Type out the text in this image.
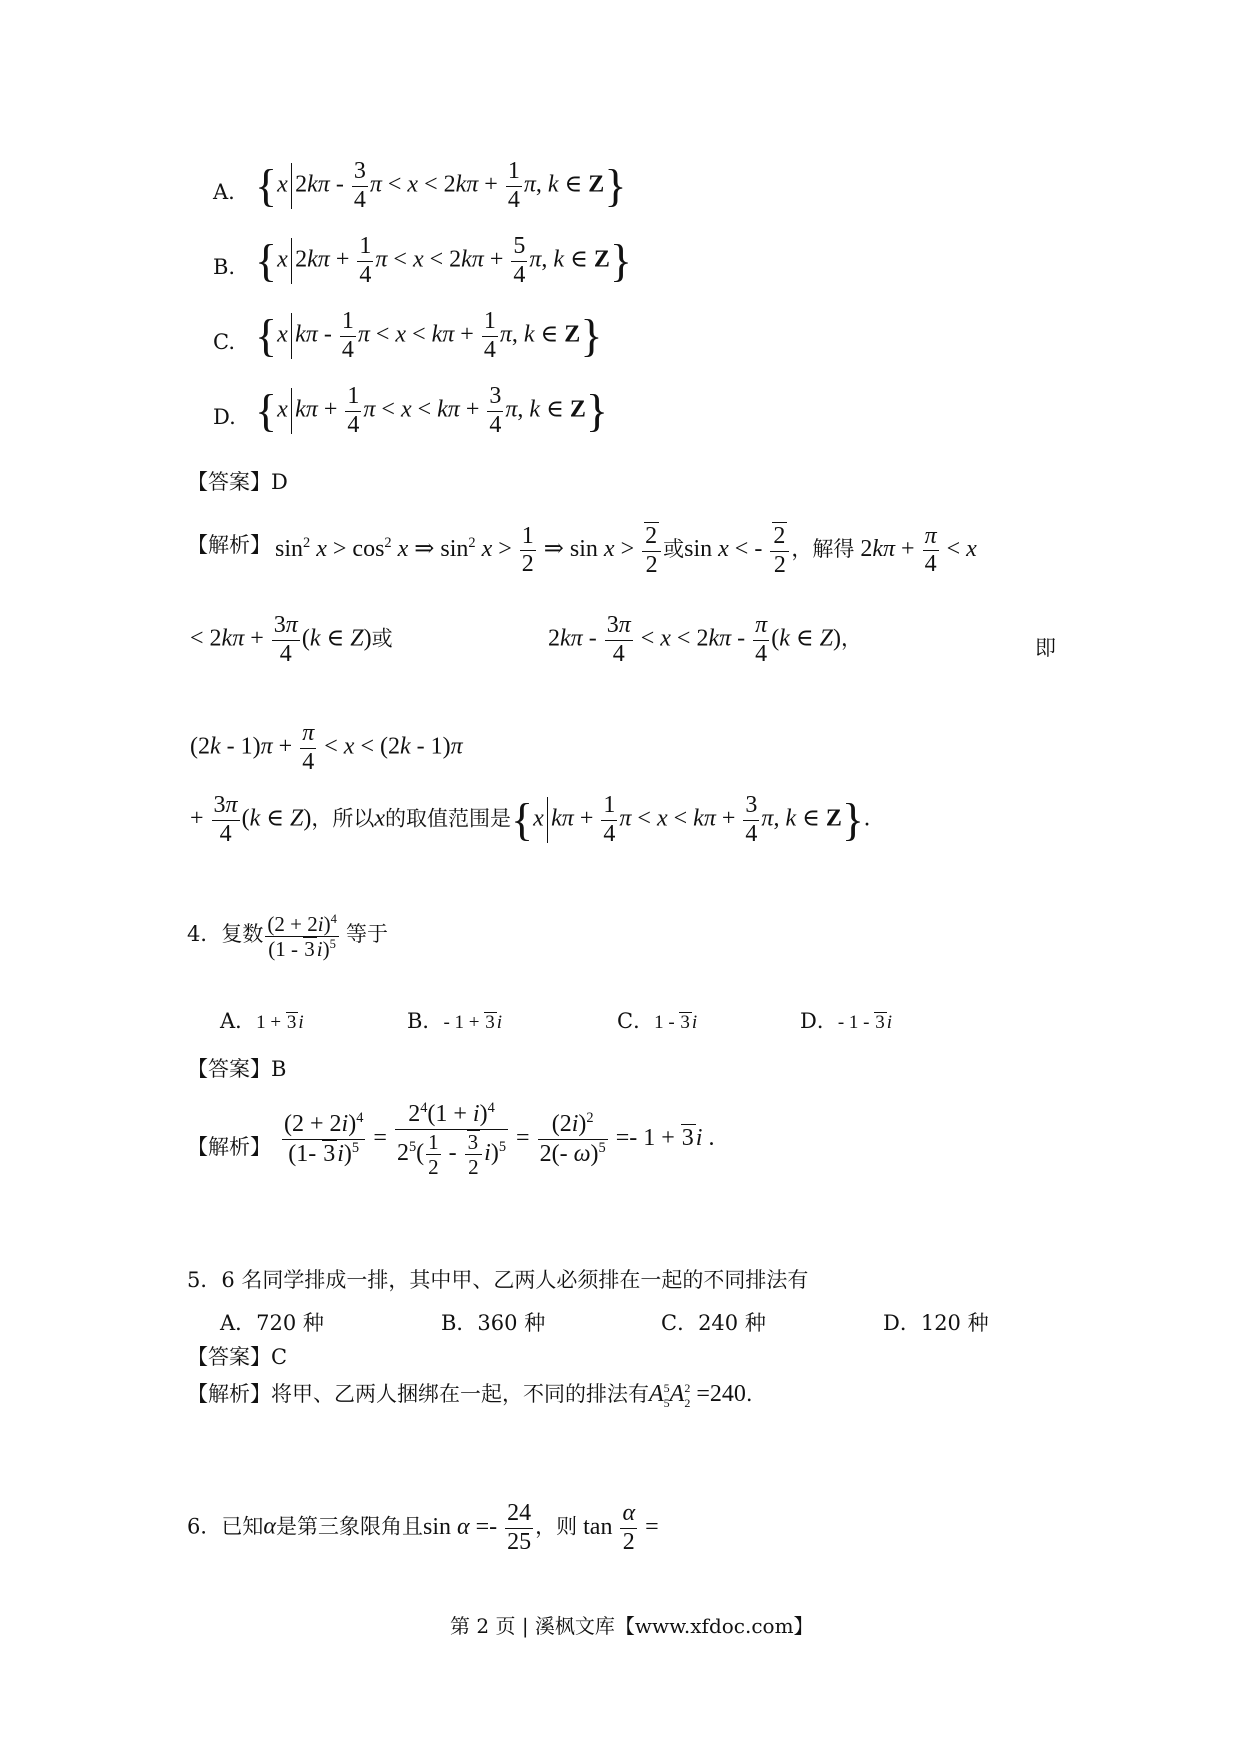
A. {x $2k\pi - \frac{3}{4}$ $\pi < x < 2k\pi + \frac{1}{4} \pi$, k ∈ Z}
B. {x $2k\pi + \frac{1}{4}$ $\pi < x < 2k\pi + \frac{5}{4} \pi$, k ∈ Z}
C. {x kπ - $\frac{1}{4}$ $\pi < x < k\pi + \frac{1}{4} \pi$, k ∈ Z}
D. {x $k\pi + \frac{1}{4}$ $\pi < x < k\pi + \frac{3}{4} \pi$, k ∈ Z}
【答案】D
【解析】 $\sin^2 x > \cos^2 x$ ⇒ $\sin^2 x > \frac{1}{2}$ ⇒ $\sin x > \frac{2}{2}$ 或sin x < - $\frac{2}{2}$ ，解得 $2k\pi + \frac{\pi}{4} < x$
< $2k\pi + \frac{3\pi}{4} (k$ ∈ Z)或	$2k\pi - \frac{3\pi}{4} < x < 2k\pi - \frac{\pi}{4} (k$ ∈ Z)，	即
$(2k - 1)\pi + \frac{\pi}{4} < x < (2k - 1)\pi$
+ $\frac{3\pi}{4} (k$ ∈ Z)，所以x的取值范围是{x $k\pi + \frac{1}{4}$ $\pi < x < k\pi + \frac{3}{4} \pi$, k ∈ Z}.
4．复数 $\frac{(2 + 2i)^4}{(1 - 3i)^5}$ 等于
A．1 + 3 i	B．- 1 + 3 i	C．1 - 3 i	D．- 1 - 3 i
【答案】B
【解析】 $\frac{(2 + 2i)^4}{(1- 3i)^5} = \frac{2^4(1 + i)^4}{2^5( \frac{1}{2} - \frac{3}{2} i)^5} = \frac{(2i)^2}{2(- \omega)^5} =- 1 + 3i$ .
5．6 名同学排成一排，其中甲、乙两人必须排在一起的不同排法有
A．720 种	B．360 种	C．240 种	D．120 种
【答案】C
【解析】将甲、乙两人捆绑在一起，不同的排法有$A_5^5A_2^2 =240$.
6．已知α是第三象限角且$\sin \alpha =- \frac{24}{25}$ ，则 $\tan \frac{\alpha}{2}$ =
第 2 页 | 溪枫文库【www.xfdoc.com】
